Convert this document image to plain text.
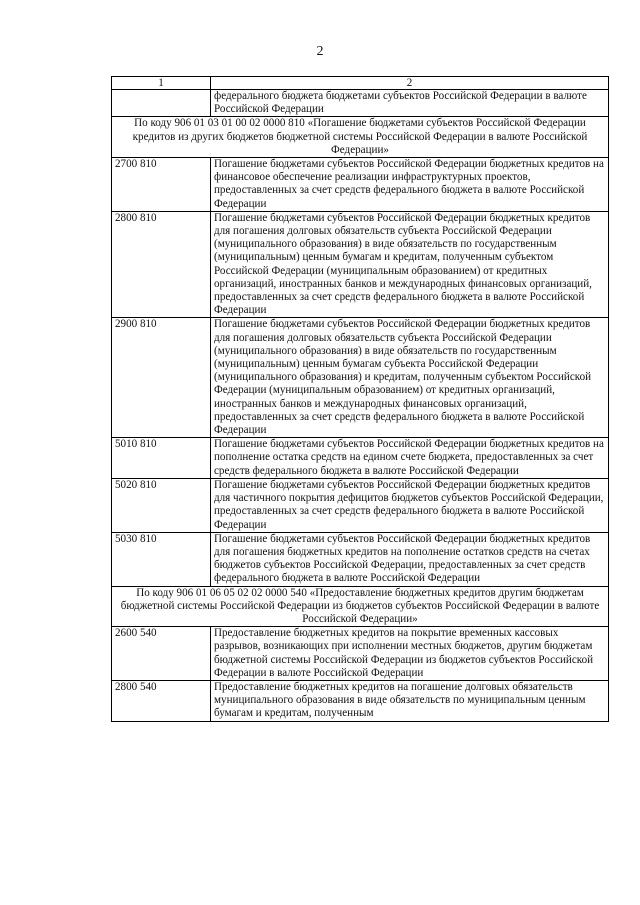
2
1	2
	федерального бюджета бюджетами субъектов Российской Федерации в валюте Российской Федерации
По коду 906 01 03 01 00 02 0000 810 «Погашение бюджетами субъектов Российской Федерации кредитов из других бюджетов бюджетной системы Российской Федерации в валюте Российской Федерации»	
2700 810	Погашение бюджетами субъектов Российской Федерации бюджетных кредитов на финансовое обеспечение реализации инфраструктурных проектов, предоставленных за счет средств федерального бюджета в валюте Российской Федерации
2800 810	Погашение бюджетами субъектов Российской Федерации бюджетных кредитов для погашения долговых обязательств субъекта Российской Федерации (муниципального образования) в виде обязательств по государственным (муниципальным) ценным бумагам и кредитам, полученным субъектом Российской Федерации (муниципальным образованием) от кредитных организаций, иностранных банков и международных финансовых организаций, предоставленных за счет средств федерального бюджета в валюте Российской Федерации
2900 810	Погашение бюджетами субъектов Российской Федерации бюджетных кредитов для погашения долговых обязательств субъекта Российской Федерации (муниципального образования) в виде обязательств по государственным (муниципальным) ценным бумагам субъекта Российской Федерации (муниципального образования) и кредитам, полученным субъектом Российской Федерации (муниципальным образованием) от кредитных организаций, иностранных банков и международных финансовых организаций, предоставленных за счет средств федерального бюджета в валюте Российской Федерации
5010 810	Погашение бюджетами субъектов Российской Федерации бюджетных кредитов на пополнение остатка средств на едином счете бюджета, предоставленных за счет средств федерального бюджета в валюте Российской Федерации
5020 810	Погашение бюджетами субъектов Российской Федерации бюджетных кредитов для частичного покрытия дефицитов бюджетов субъектов Российской Федерации, предоставленных за счет средств федерального бюджета в валюте Российской Федерации
5030 810	Погашение бюджетами субъектов Российской Федерации бюджетных кредитов для погашения бюджетных кредитов на пополнение остатков средств на счетах бюджетов субъектов Российской Федерации, предоставленных за счет средств федерального бюджета в валюте Российской Федерации
По коду 906 01 06 05 02 02 0000 540 «Предоставление бюджетных кредитов другим бюджетам бюджетной системы Российской Федерации из бюджетов субъектов Российской Федерации в валюте Российской Федерации»	
2600 540	Предоставление бюджетных кредитов на покрытие временных кассовых разрывов, возникающих при исполнении местных бюджетов, другим бюджетам бюджетной системы Российской Федерации из бюджетов субъектов Российской Федерации в валюте Российской Федерации
2800 540	Предоставление бюджетных кредитов на погашение долговых обязательств муниципального образования в виде обязательств по муниципальным ценным бумагам и кредитам, полученным
